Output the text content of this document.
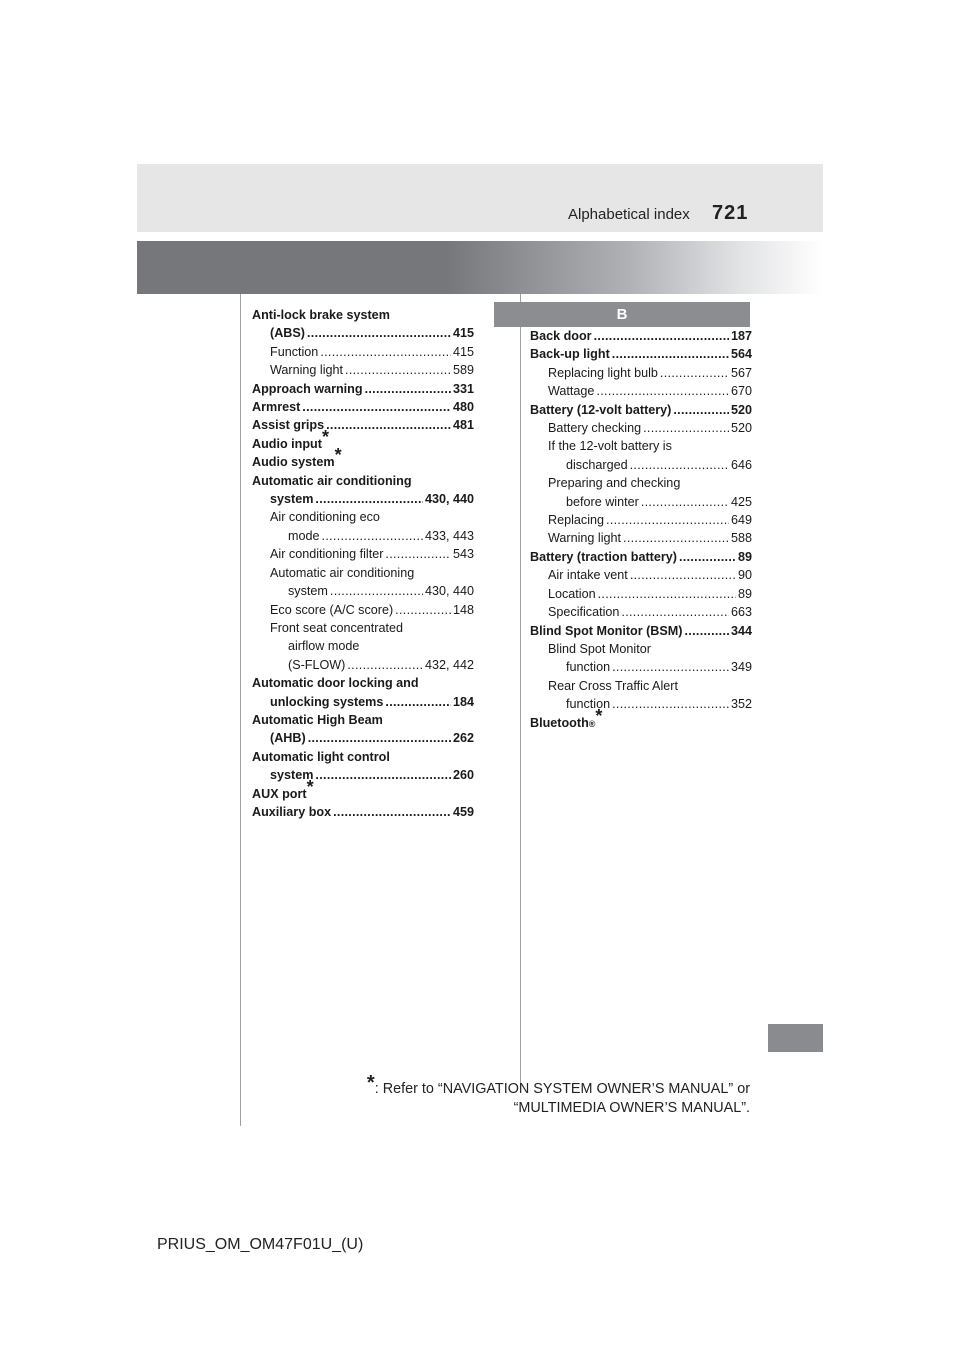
Alphabetical index 721
Anti-lock brake system
(ABS) . . .	415
Function . . .	415
Warning light . . .	589
Approach warning . . .	331
Armrest . . .	480
Assist grips . . .	481
Audio input *
Audio system *
Automatic air conditioning
system . . .	430, 440
Air conditioning eco
mode . . .	433, 443
Air conditioning filter . . .	543
Automatic air conditioning
system . . .	430, 440
Eco score (A/C score) . . .	148
Front seat concentrated
airflow mode
(S-FLOW) . . .	432, 442
Automatic door locking and
unlocking systems . . .	184
Automatic High Beam
(AHB) . . .	262
Automatic light control
system . . .	260
AUX port *
Auxiliary box . . .	459
B
Back door . . .	187
Back-up light . . .	564
Replacing light bulb . . .	567
Wattage . . .	670
Battery (12-volt battery) . . .	520
Battery checking . . .	520
If the 12-volt battery is
discharged . . .	646
Preparing and checking
before winter . . .	425
Replacing . . .	649
Warning light . . .	588
Battery (traction battery) . . .	89
Air intake vent . . .	90
Location . . .	89
Specification . . .	663
Blind Spot Monitor (BSM) . . .	344
Blind Spot Monitor
function . . .	349
Rear Cross Traffic Alert
function . . .	352
Bluetooth ® *
*: Refer to “NAVIGATION SYSTEM OWNER’S MANUAL” or
“MULTIMEDIA OWNER’S MANUAL”.
PRIUS_OM_OM47F01U_(U)
